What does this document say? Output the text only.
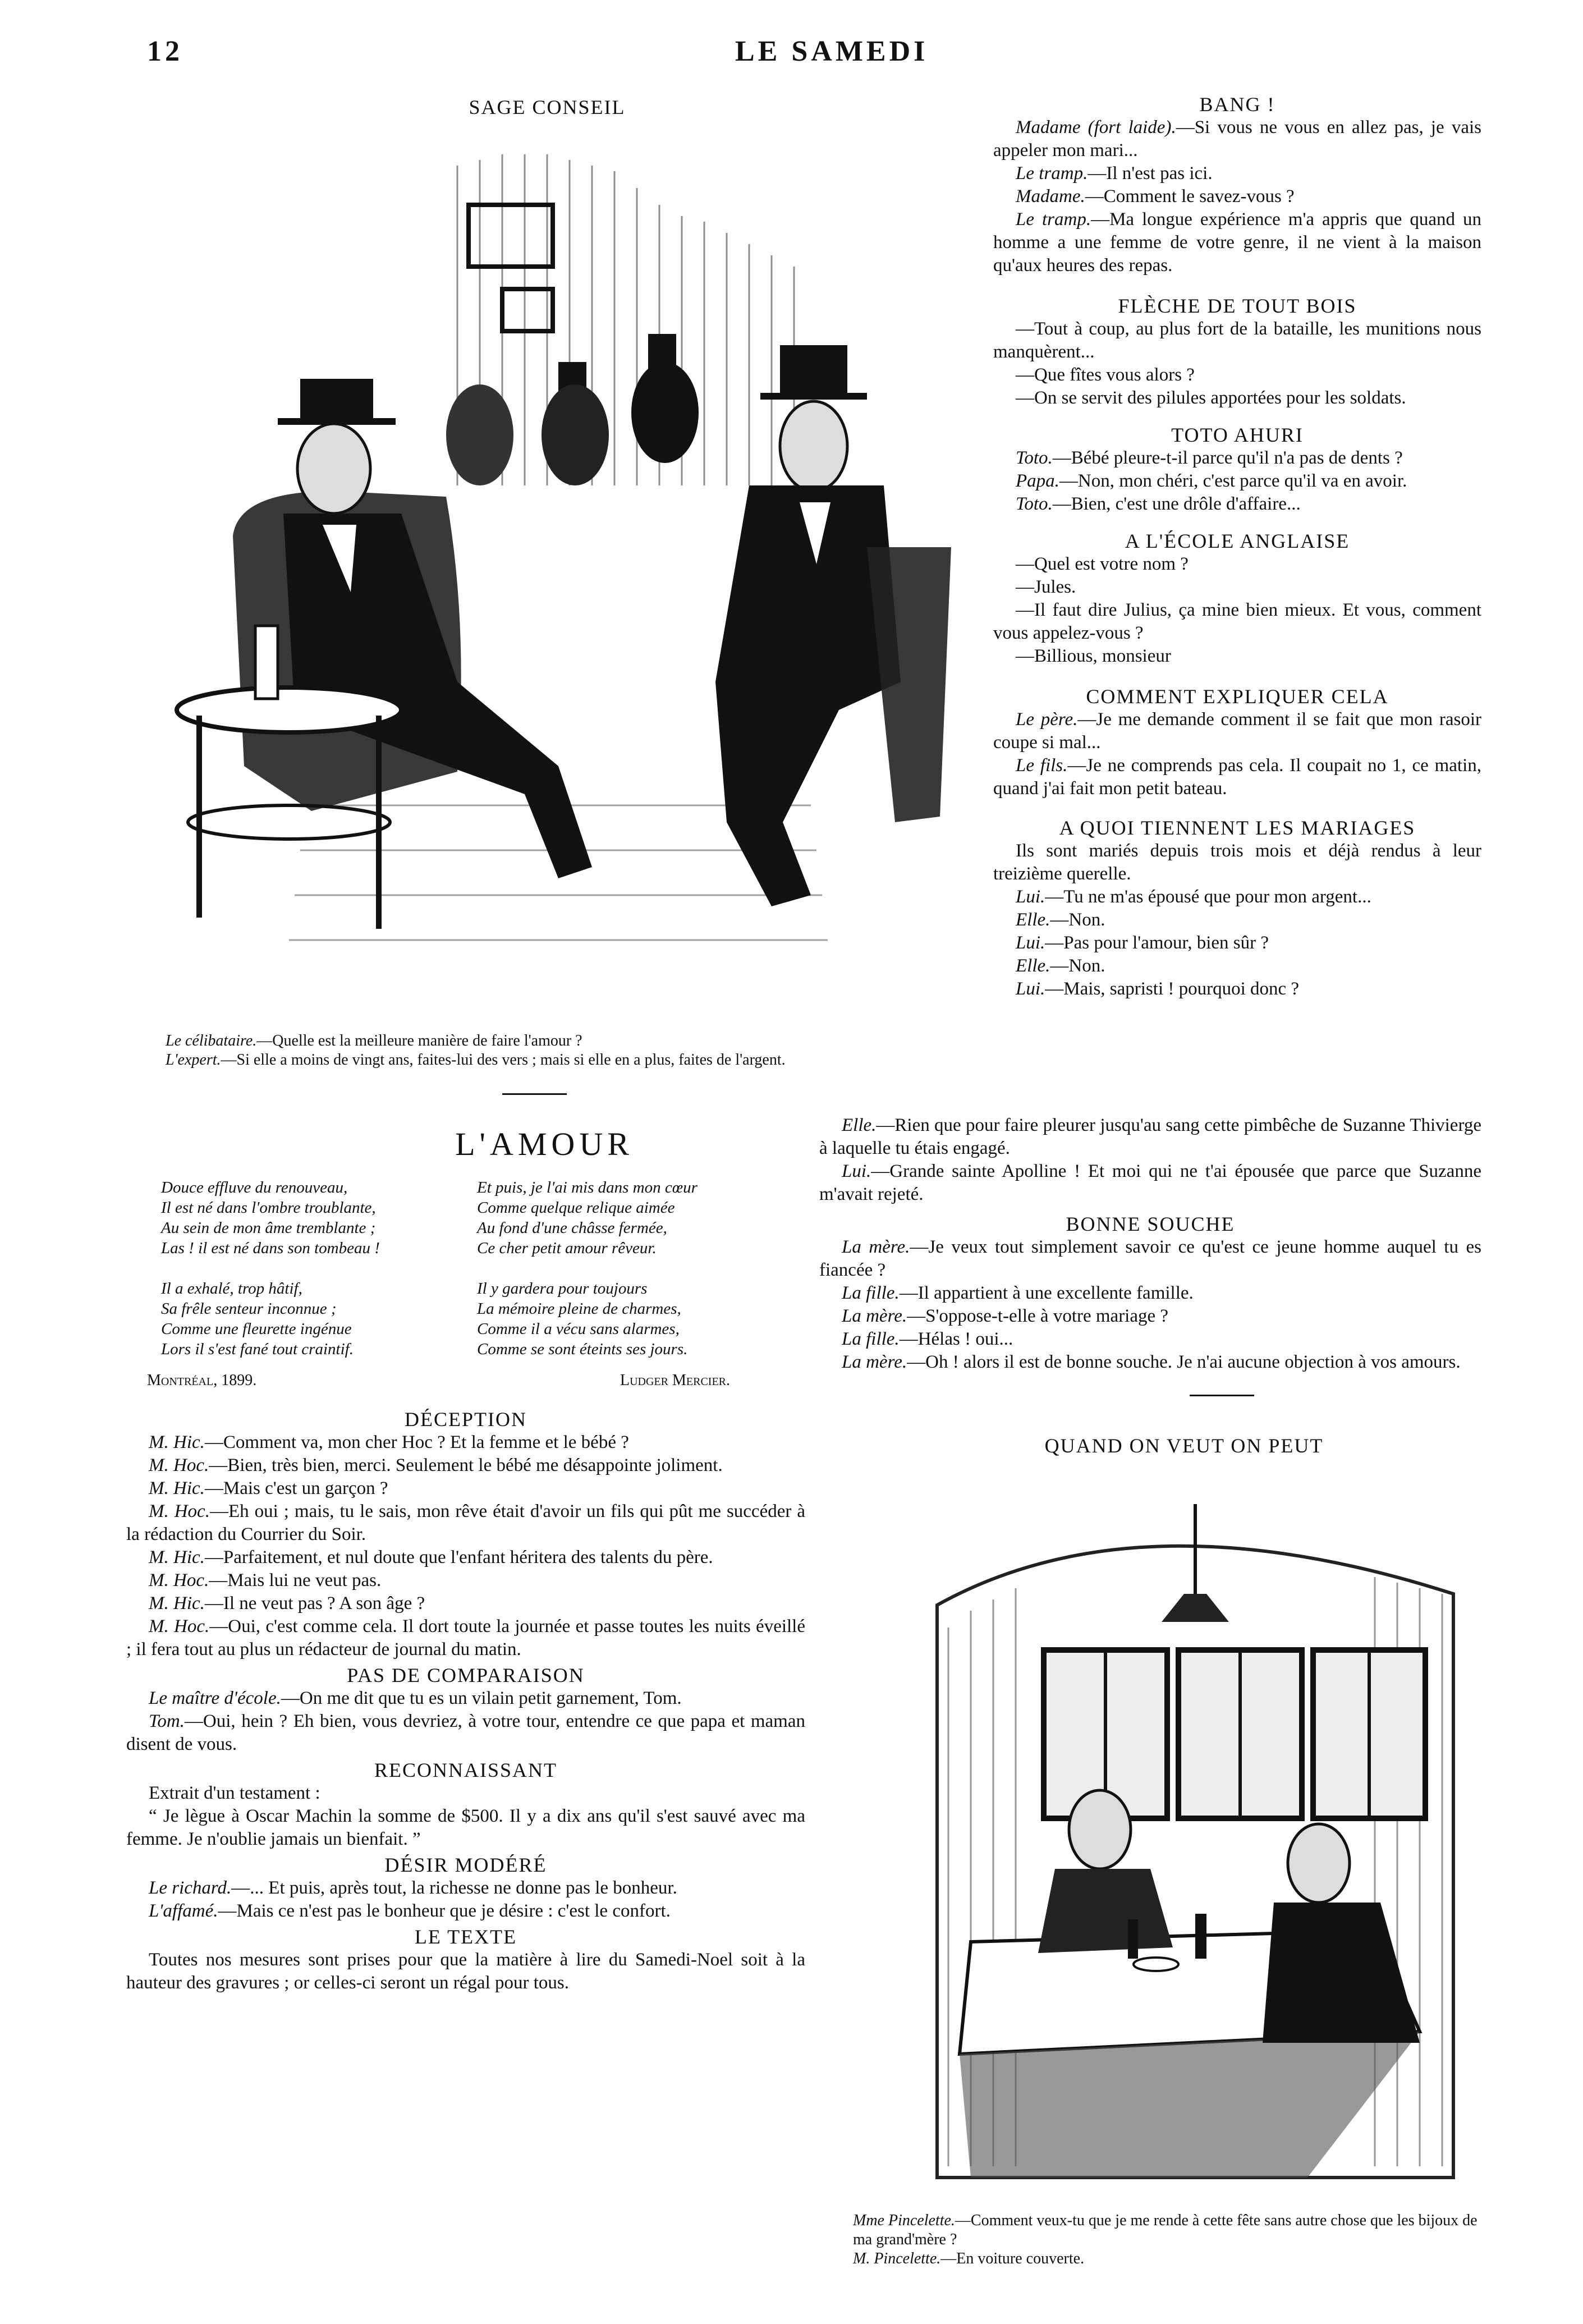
12	LE SAMEDI
SAGE CONSEIL

Le célibataire.—Quelle est la meilleure manière de faire l'amour ?

L'expert.—Si elle a moins de vingt ans, faites-lui des vers ; mais si elle en a plus, faites de l'argent.

L'AMOUR

Douce effluve du renouveau,

Il est né dans l'ombre troublante,

Au sein de mon âme tremblante ;

Las ! il est né dans son tombeau !

Il a exhalé, trop hâtif,

Sa frêle senteur inconnue ;

Comme une fleurette ingénue

Lors il s'est fané tout craintif.

Et puis, je l'ai mis dans mon cœur

Comme quelque relique aimée

Au fond d'une châsse fermée,

Ce cher petit amour rêveur.

Il y gardera pour toujours

La mémoire pleine de charmes,

Comme il a vécu sans alarmes,

Comme se sont éteints ses jours.

Montréal, 1899.	Ludger Mercier.
DÉCEPTION

M. Hic.—Comment va, mon cher Hoc ? Et la femme et le bébé ?

M. Hoc.—Bien, très bien, merci. Seulement le bébé me désappointe joliment.

M. Hic.—Mais c'est un garçon ?

M. Hoc.—Eh oui ; mais, tu le sais, mon rêve était d'avoir un fils qui pût me succéder à la rédaction du Courrier du Soir.

M. Hic.—Parfaitement, et nul doute que l'enfant héritera des talents du père.

M. Hoc.—Mais lui ne veut pas.

M. Hic.—Il ne veut pas ? A son âge ?

M. Hoc.—Oui, c'est comme cela. Il dort toute la journée et passe toutes les nuits éveillé ; il fera tout au plus un rédacteur de journal du matin.

PAS DE COMPARAISON

Le maître d'école.—On me dit que tu es un vilain petit garnement, Tom.

Tom.—Oui, hein ? Eh bien, vous devriez, à votre tour, entendre ce que papa et maman disent de vous.

RECONNAISSANT

Extrait d'un testament :

“ Je lègue à Oscar Machin la somme de $500. Il y a dix ans qu'il s'est sauvé avec ma femme. Je n'oublie jamais un bienfait. ”

DÉSIR MODÉRÉ

Le richard.—... Et puis, après tout, la richesse ne donne pas le bonheur.

L'affamé.—Mais ce n'est pas le bonheur que je désire : c'est le confort.

LE TEXTE

Toutes nos mesures sont prises pour que la matière à lire du Samedi-Noel soit à la hauteur des gravures ; or celles-ci seront un régal pour tous.

BANG !

Madame (fort laide).—Si vous ne vous en allez pas, je vais appeler mon mari...

Le tramp.—Il n'est pas ici.

Madame.—Comment le savez-vous ?

Le tramp.—Ma longue expérience m'a appris que quand un homme a une femme de votre genre, il ne vient à la maison qu'aux heures des repas.

FLÈCHE DE TOUT BOIS

—Tout à coup, au plus fort de la bataille, les munitions nous manquèrent...

—Que fîtes vous alors ?

—On se servit des pilules apportées pour les soldats.

TOTO AHURI

Toto.—Bébé pleure-t-il parce qu'il n'a pas de dents ?

Papa.—Non, mon chéri, c'est parce qu'il va en avoir.

Toto.—Bien, c'est une drôle d'affaire...

A L'ÉCOLE ANGLAISE

—Quel est votre nom ?

—Jules.

—Il faut dire Julius, ça mine bien mieux. Et vous, comment vous appelez-vous ?

—Billious, monsieur

COMMENT EXPLIQUER CELA

Le père.—Je me demande comment il se fait que mon rasoir coupe si mal...

Le fils.—Je ne comprends pas cela. Il coupait no 1, ce matin, quand j'ai fait mon petit bateau.

A QUOI TIENNENT LES MARIAGES

Ils sont mariés depuis trois mois et déjà rendus à leur treizième querelle.

Lui.—Tu ne m'as épousé que pour mon argent...

Elle.—Non.

Lui.—Pas pour l'amour, bien sûr ?

Elle.—Non.

Lui.—Mais, sapristi ! pourquoi donc ?

Elle.—Rien que pour faire pleurer jusqu'au sang cette pimbêche de Suzanne Thivierge à laquelle tu étais engagé.

Lui.—Grande sainte Apolline ! Et moi qui ne t'ai épousée que parce que Suzanne m'avait rejeté.

BONNE SOUCHE

La mère.—Je veux tout simplement savoir ce qu'est ce jeune homme auquel tu es fiancée ?

La fille.—Il appartient à une excellente famille.

La mère.—S'oppose-t-elle à votre mariage ?

La fille.—Hélas ! oui...

La mère.—Oh ! alors il est de bonne souche. Je n'ai aucune objection à vos amours.

QUAND ON VEUT ON PEUT

Mme Pincelette.—Comment veux-tu que je me rende à cette fête sans autre chose que les bijoux de ma grand'mère ?

M. Pincelette.—En voiture couverte.
